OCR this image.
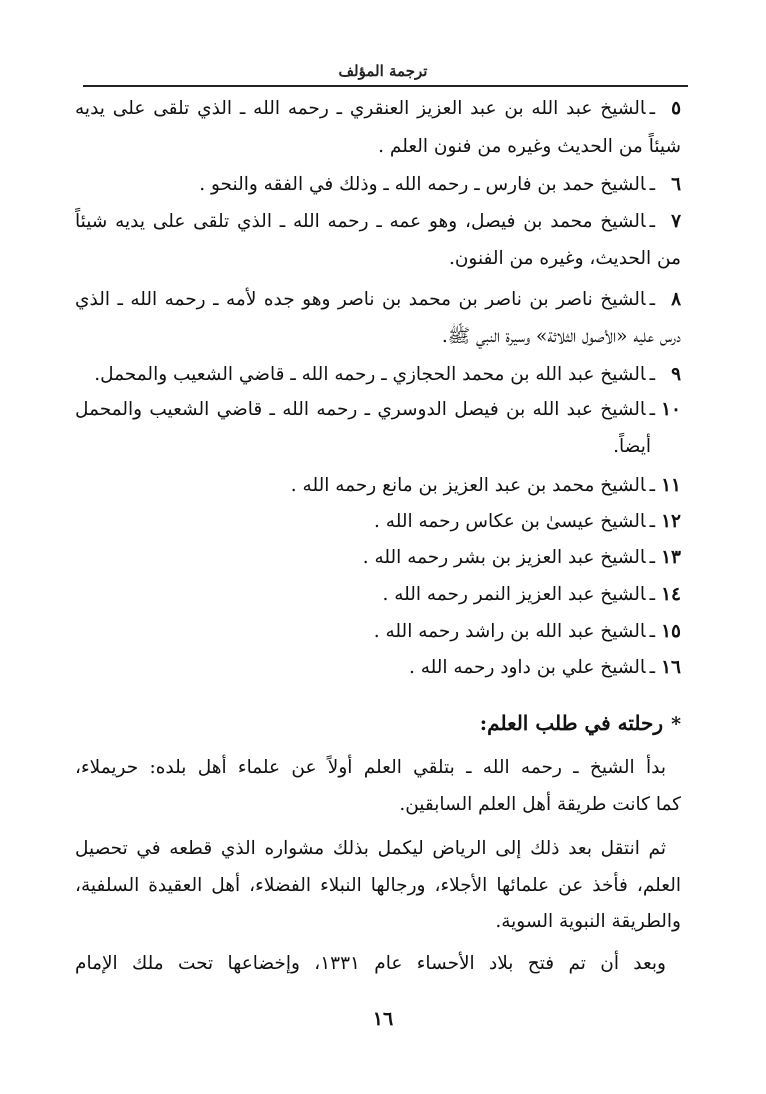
ترجمة المؤلف
٥ـالشيخ عبد الله بن عبد العزيز العنقري ـ رحمه الله ـ الذي تلقى على يديه
شيئاً من الحديث وغيره من فنون العلم .
٦ـالشيخ حمد بن فارس ـ رحمه الله ـ وذلك في الفقه والنحو .
٧ـالشيخ محمد بن فيصل، وهو عمه ـ رحمه الله ـ الذي تلقى على يديه شيئاً
من الحديث، وغيره من الفنون.
٨ـالشيخ ناصر بن ناصر بن محمد بن ناصر وهو جده لأمه ـ رحمه الله ـ الذي
درس عليه «الأصول الثلاثة» وسيرة النبي ﷺ.
٩ـالشيخ عبد الله بن محمد الحجازي ـ رحمه الله ـ قاضي الشعيب والمحمل.
١٠ـالشيخ عبد الله بن فيصل الدوسري ـ رحمه الله ـ قاضي الشعيب والمحمل
أيضاً.
١١ـالشيخ محمد بن عبد العزيز بن مانع رحمه الله .
١٢ـالشيخ عيسىٰ بن عكاس رحمه الله .
١٣ـالشيخ عبد العزيز بن بشر رحمه الله .
١٤ـالشيخ عبد العزيز النمر رحمه الله .
١٥ـالشيخ عبد الله بن راشد رحمه الله .
١٦ـالشيخ علي بن داود رحمه الله .
*رحلته في طلب العلم:
بدأ الشيخ ـ رحمه الله ـ بتلقي العلم أولاً عن علماء أهل بلده: حريملاء،
كما كانت طريقة أهل العلم السابقين.
ثم انتقل بعد ذلك إلى الرياض ليكمل بذلك مشواره الذي قطعه في تحصيل
العلم، فأخذ عن علمائها الأجلاء، ورجالها النبلاء الفضلاء، أهل العقيدة السلفية،
والطريقة النبوية السوية.
وبعد أن تم فتح بلاد الأحساء عام ١٣٣١، وإخضاعها تحت ملك الإمام
١٦
